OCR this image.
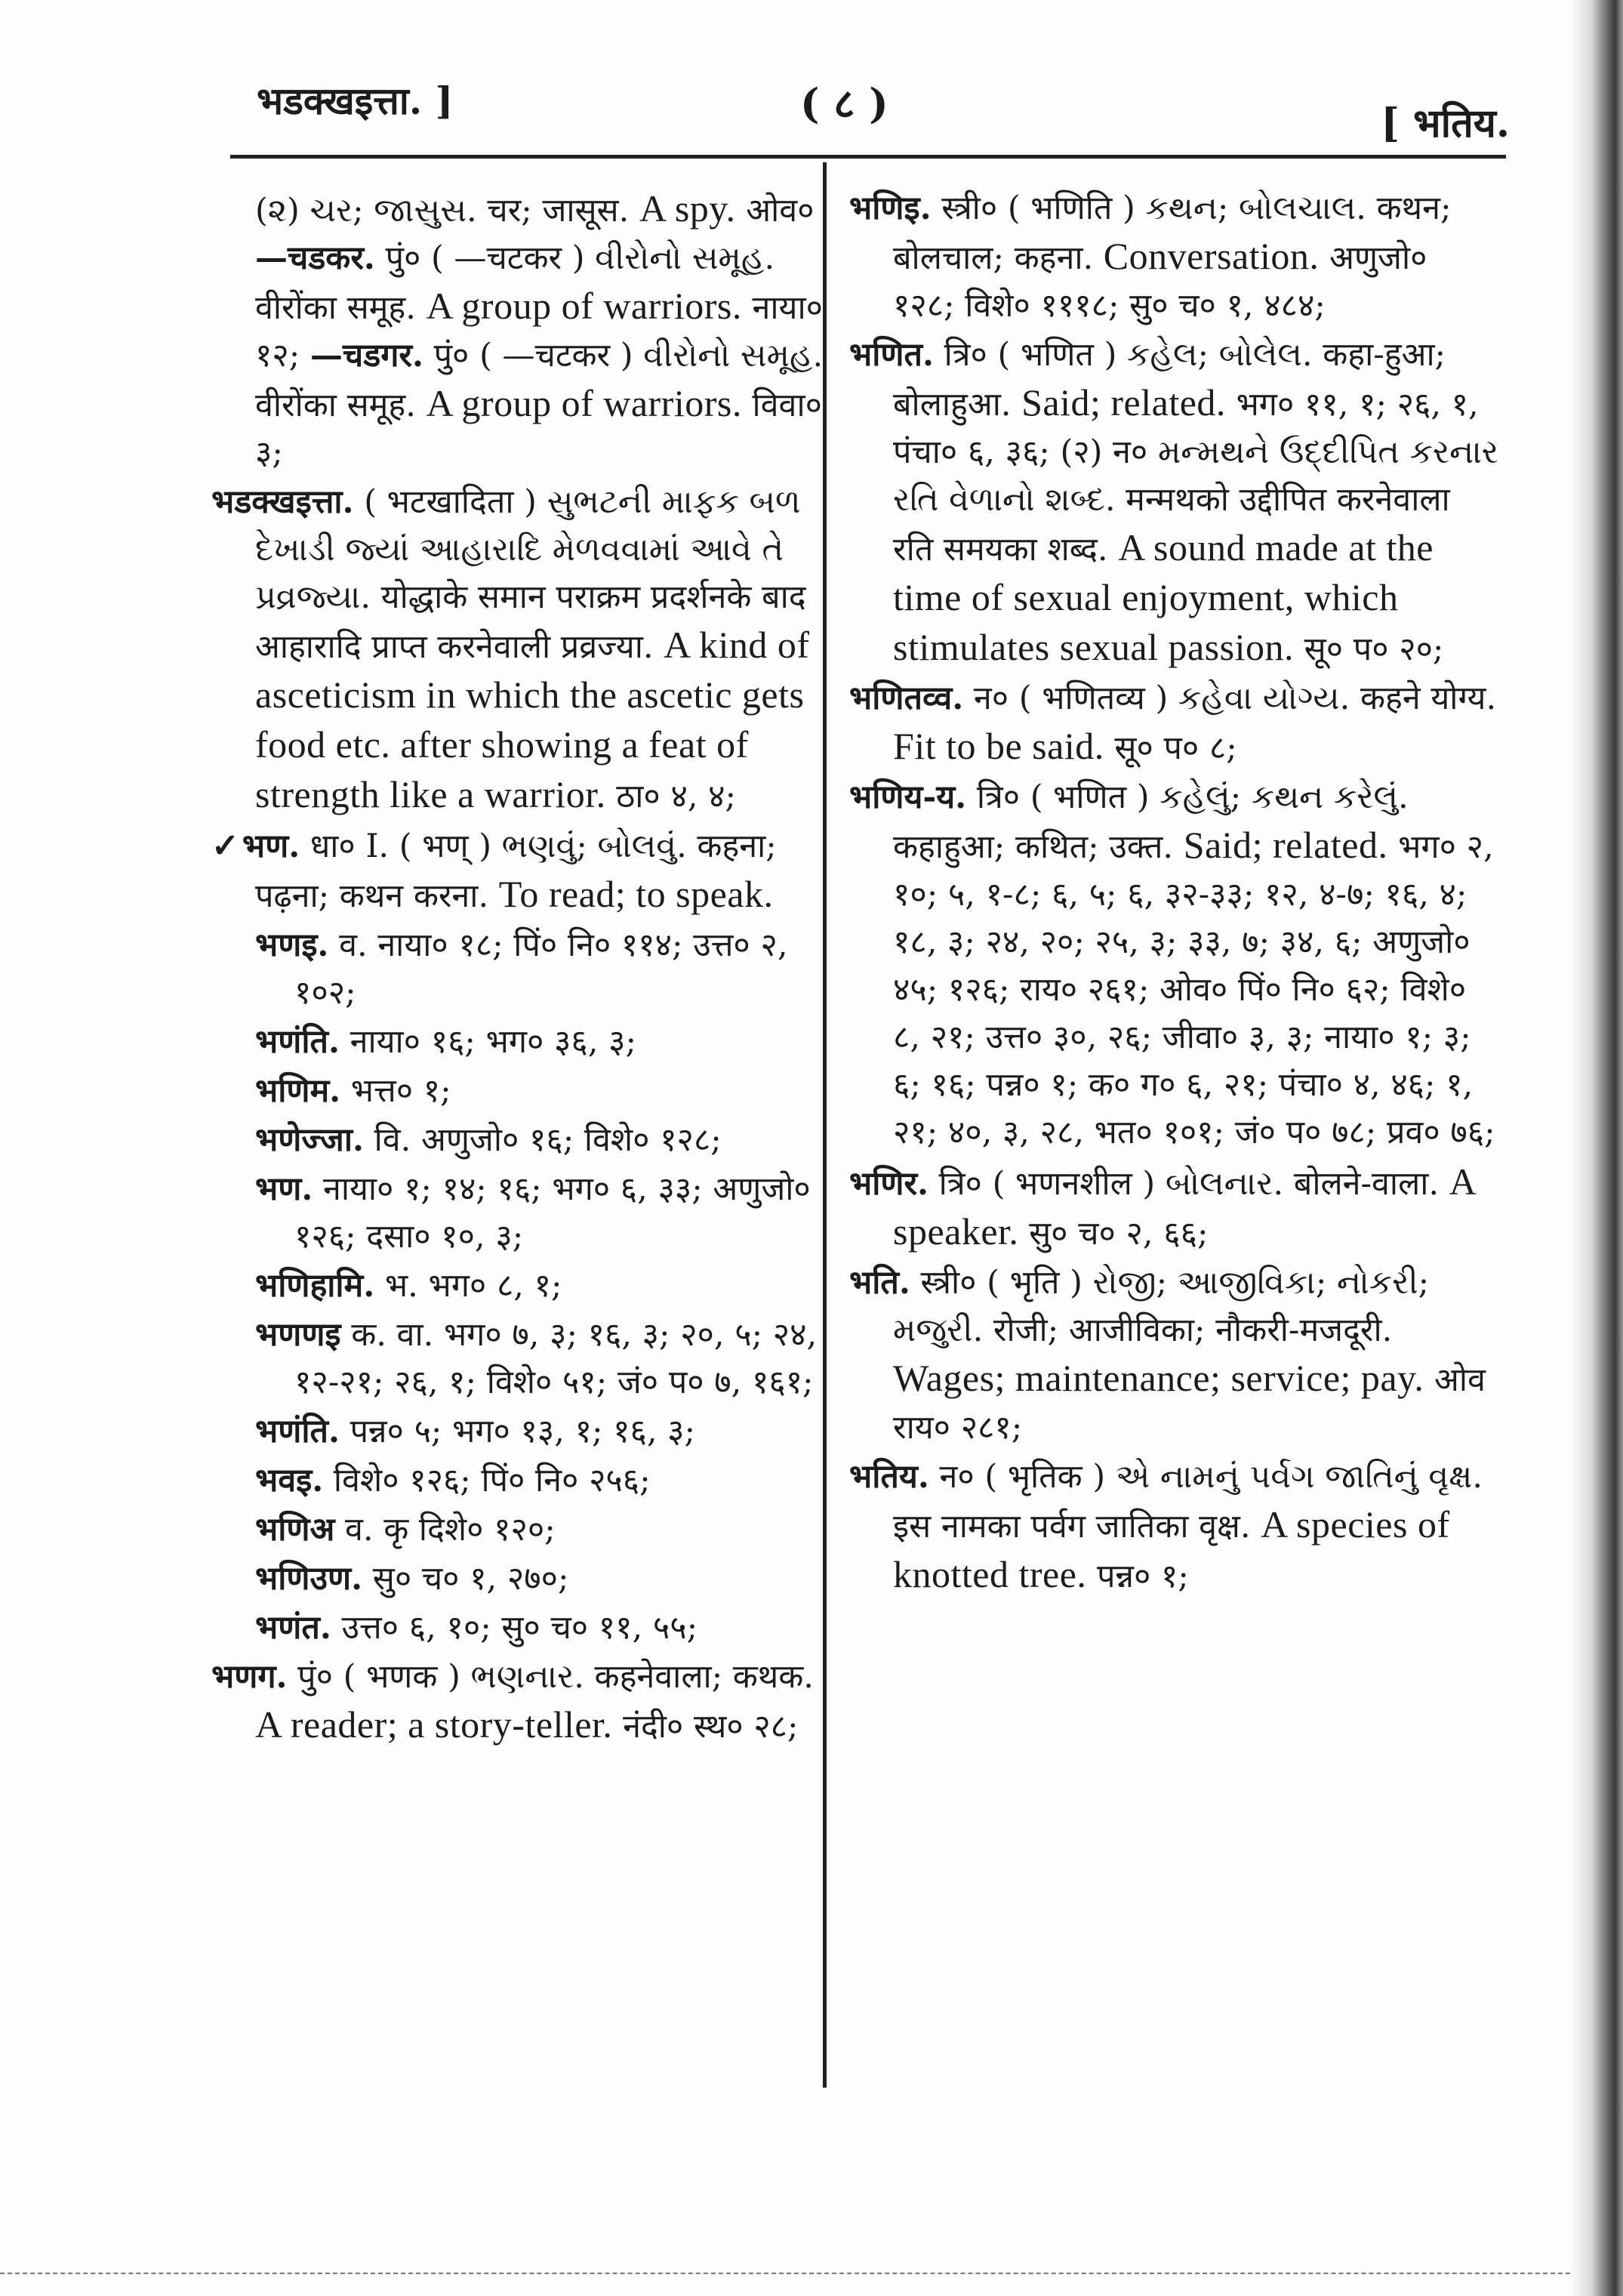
भडक्खइत्ता. ]	( ८ )	[ भतिय.
(૨) ચર; જાસુસ. चर; जासूस. A spy. ओव० —चडकर. पुं० ( —चटकर ) વીરોનો સમૂહ. वीरोंका समूह. A group of warriors. नाया० १२; —चडगर. पुं० ( —चटकर ) વીરોનો સમૂહ. वीरोंका समूह. A group of warriors. विवा० ३;
भडक्खइत्ता. ( भटखादिता ) સુભટની માફક બળ દેખાડી જ્યાં આહારાદિ મેળવવામાં આવે તે પ્રવ્રજ્યા. योद्धाके समान पराक्रम प्रदर्शनके बाद आहारादि प्राप्त करनेवाली प्रव्रज्या. A kind of asceticism in which the ascetic gets food etc. after showing a feat of strength like a warrior. ठा० ४, ४;
✓भण. धा० I. ( भण् ) ભણવું; બોલવું. कहना; पढ़ना; कथन करना. To read; to speak.
भणइ. व. नाया० १८; पिं० नि० ११४; उत्त० २, १०२;
भणंति. नाया० १६; भग० ३६, ३;
भणिम. भत्त० १;
भणेज्जा. वि. अणुजो० १६; विशे० १२८;
भण. नाया० १; १४; १६; भग० ६, ३३; अणुजो० १२६; दसा० १०, ३;
भणिहामि. भ. भग० ८, १;
भणणइ क. वा. भग० ७, ३; १६, ३; २०, ५; २४, १२-२१; २६, १; विशे० ५१; जं० प० ७, १६१;
भणंति. पन्न० ५; भग० १३, १; १६, ३;
भवइ. विशे० १२६; पिं० नि० २५६;
भणिअ व. कृ दिशे० १२०;
भणिउण. सु० च० १, २७०;
भणंत. उत्त० ६, १०; सु० च० ११, ५५;
भणग. पुं० ( भणक ) ભણનાર. कहनेवाला; कथक. A reader; a story-teller. नंदी० स्थ० २८;
भणिइ. स्त्री० ( भणिति ) કથન; બોલચાલ. कथन; बोलचाल; कहना. Conversation. अणुजो० १२८; विशे० १११८; सु० च० १, ४८४;
भणित. त्रि० ( भणित ) કહેલ; બોલેલ. कहा-हुआ; बोलाहुआ. Said; related. भग० ११, १; २६, १, पंचा० ६, ३६; (२) न० મન્મથને ઉદ્દીપિત કરનાર રતિ વેળાનો શબ્દ. मन्मथको उद्दीपित करनेवाला रति समयका शब्द. A sound made at the time of sexual enjoyment, which stimulates sexual passion. सू० प० २०;
भणितव्व. न० ( भणितव्य ) કહેવા યોગ્ય. कहने योग्य. Fit to be said. सू० प० ८;
भणिय-य. त्रि० ( भणित ) કહેલું; કથન કરેલું. कहाहुआ; कथित; उक्त. Said; related. भग० २, १०; ५, १-८; ६, ५; ६, ३२-३३; १२, ४-७; १६, ४; १८, ३; २४, २०; २५, ३; ३३, ७; ३४, ६; अणुजो० ४५; १२६; राय० २६१; ओव० पिं० नि० ६२; विशे० ८, २१; उत्त० ३०, २६; जीवा० ३, ३; नाया० १; ३; ६; १६; पन्न० १; क० ग० ६, २१; पंचा० ४, ४६; १, २१; ४०, ३, २८, भत० १०१; जं० प० ७८; प्रव० ७६;
भणिर. त्रि० ( भणनशील ) બોલનાર. बोलने-वाला. A speaker. सु० च० २, ६६;
भति. स्त्री० ( भृति ) રોજી; આજીવિકા; નોકરી; મજુરી. रोजी; आजीविका; नौकरी-मजदूरी. Wages; maintenance; service; pay. ओव राय० २८१;
भतिय. न० ( भृतिक ) એ નામનું પર્વગ જાતિનું વૃક્ષ. इस नामका पर्वग जातिका वृक्ष. A species of knotted tree. पन्न० १;
